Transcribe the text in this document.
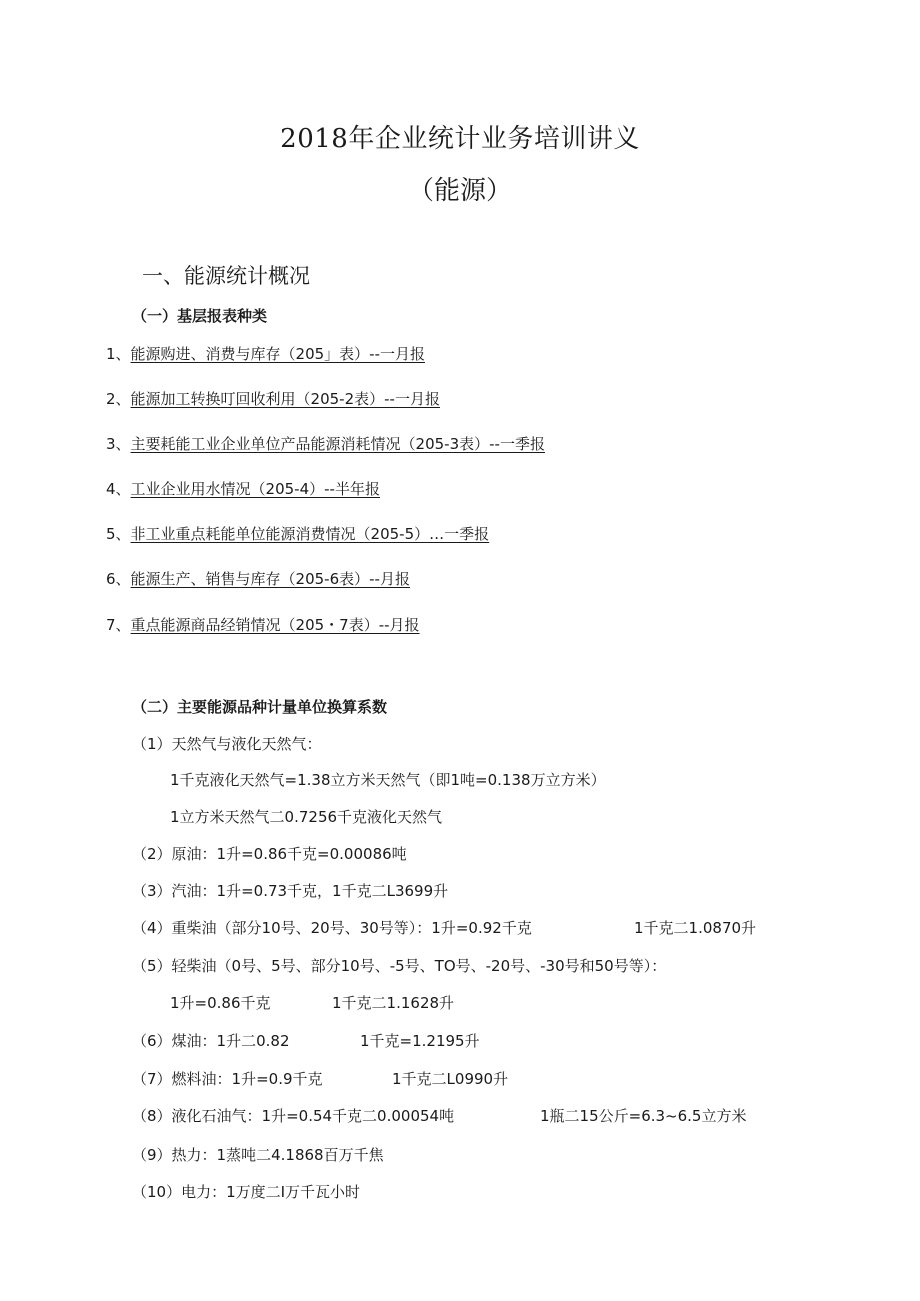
2018年企业统计业务培训讲义
（能源）
一、能源统计概况
（一）基层报表种类
1、能源购进、消费与库存（205」表）--一月报
2、能源加工转换叮回收利用（205-2表）--一月报
3、主要耗能工业企业单位产品能源消耗情况（205-3表）--一季报
4、工业企业用水情况（205-4）--半年报
5、非工业重点耗能单位能源消费情况（205-5）…一季报
6、能源生产、销售与库存（205-6表）--月报
7、重点能源商品经销情况（205・7表）--月报
（二）主要能源品种计量单位换算系数
（1）天然气与液化天然气：
1千克液化天然气=1.38立方米天然气（即1吨=0.138万立方米）
1立方米天然气二0.7256千克液化天然气
（2）原油：1升=0.86千克=0.00086吨
（3）汽油：1升=0.73千克，1千克二L3699升
（4）重柴油（部分10号、20号、30号等）：1升=0.92千克	1千克二1.0870升
（5）轻柴油（0号、5号、部分10号、-5号、TO号、-20号、-30号和50号等）：
1升=0.86千克	1千克二1.1628升
（6）煤油：1升二0.82	1千克=1.2195升
（7）燃料油：1升=0.9千克	1千克二L0990升
（8）液化石油气：1升=0.54千克二0.00054吨	1瓶二15公斤=6.3~6.5立方米
（9）热力：1蒸吨二4.1868百万千焦
（10）电力：1万度二I万千瓦小时
